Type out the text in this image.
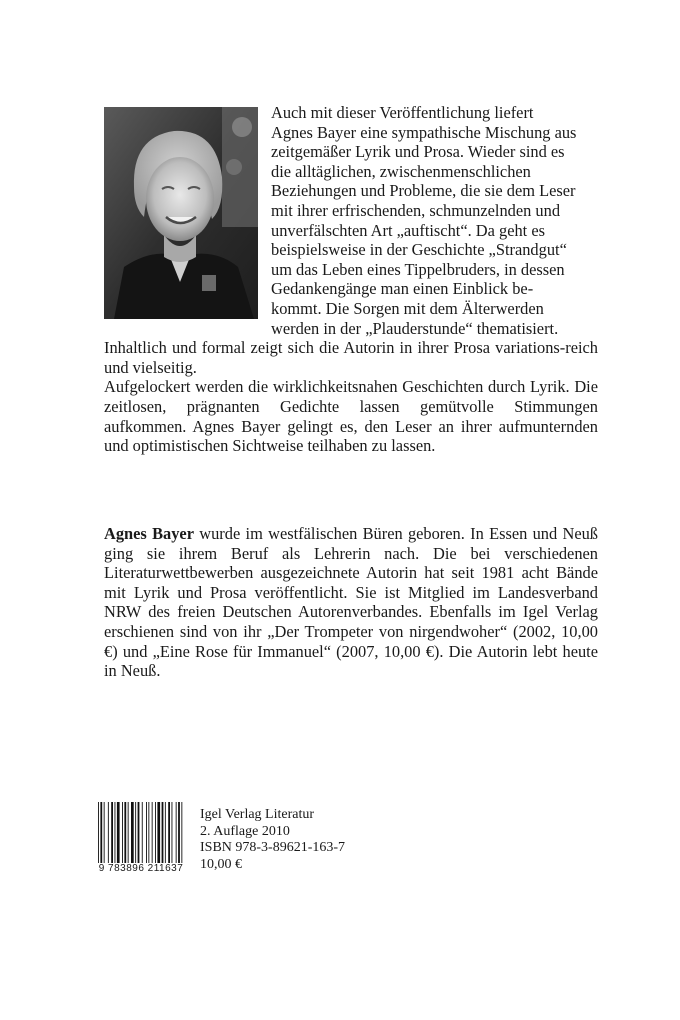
Auch mit dieser Veröffentlichung liefert
Agnes Bayer eine sympathische Mischung aus
zeitgemäßer Lyrik und Prosa. Wieder sind es
die alltäglichen, zwischenmenschlichen
Beziehungen und Probleme, die sie dem Leser
mit ihrer erfrischenden, schmunzelnden und
unverfälschten Art „auftischt“. Da geht es
beispielsweise in der Geschichte „Strandgut“
um das Leben eines Tippelbruders, in dessen
Gedankengänge man einen Einblick be-
kommt. Die Sorgen mit dem Älterwerden
werden in der „Plauderstunde“ thematisiert.

Inhaltlich und formal zeigt sich die Autorin in ihrer Prosa variations-reich und vielseitig.

Aufgelockert werden die wirklichkeitsnahen Geschichten durch Lyrik. Die zeitlosen, prägnanten Gedichte lassen gemütvolle Stimmungen aufkommen. Agnes Bayer gelingt es, den Leser an ihrer aufmunternden und optimistischen Sichtweise teilhaben zu lassen.

Agnes Bayer wurde im westfälischen Büren geboren. In Essen und Neuß ging sie ihrem Beruf als Lehrerin nach. Die bei verschiedenen Literaturwettbewerben ausgezeichnete Autorin hat seit 1981 acht Bände mit Lyrik und Prosa veröffentlicht. Sie ist Mitglied im Landesverband NRW des freien Deutschen Autorenverbandes. Ebenfalls im Igel Verlag erschienen sind von ihr „Der Trompeter von nirgendwoher“ (2002, 10,00 €) und „Eine Rose für Immanuel“ (2007, 10,00 €). Die Autorin lebt heute in Neuß.
9 783896 211637
Igel Verlag Literatur
2. Auflage 2010
ISBN 978-3-89621-163-7
10,00 €
